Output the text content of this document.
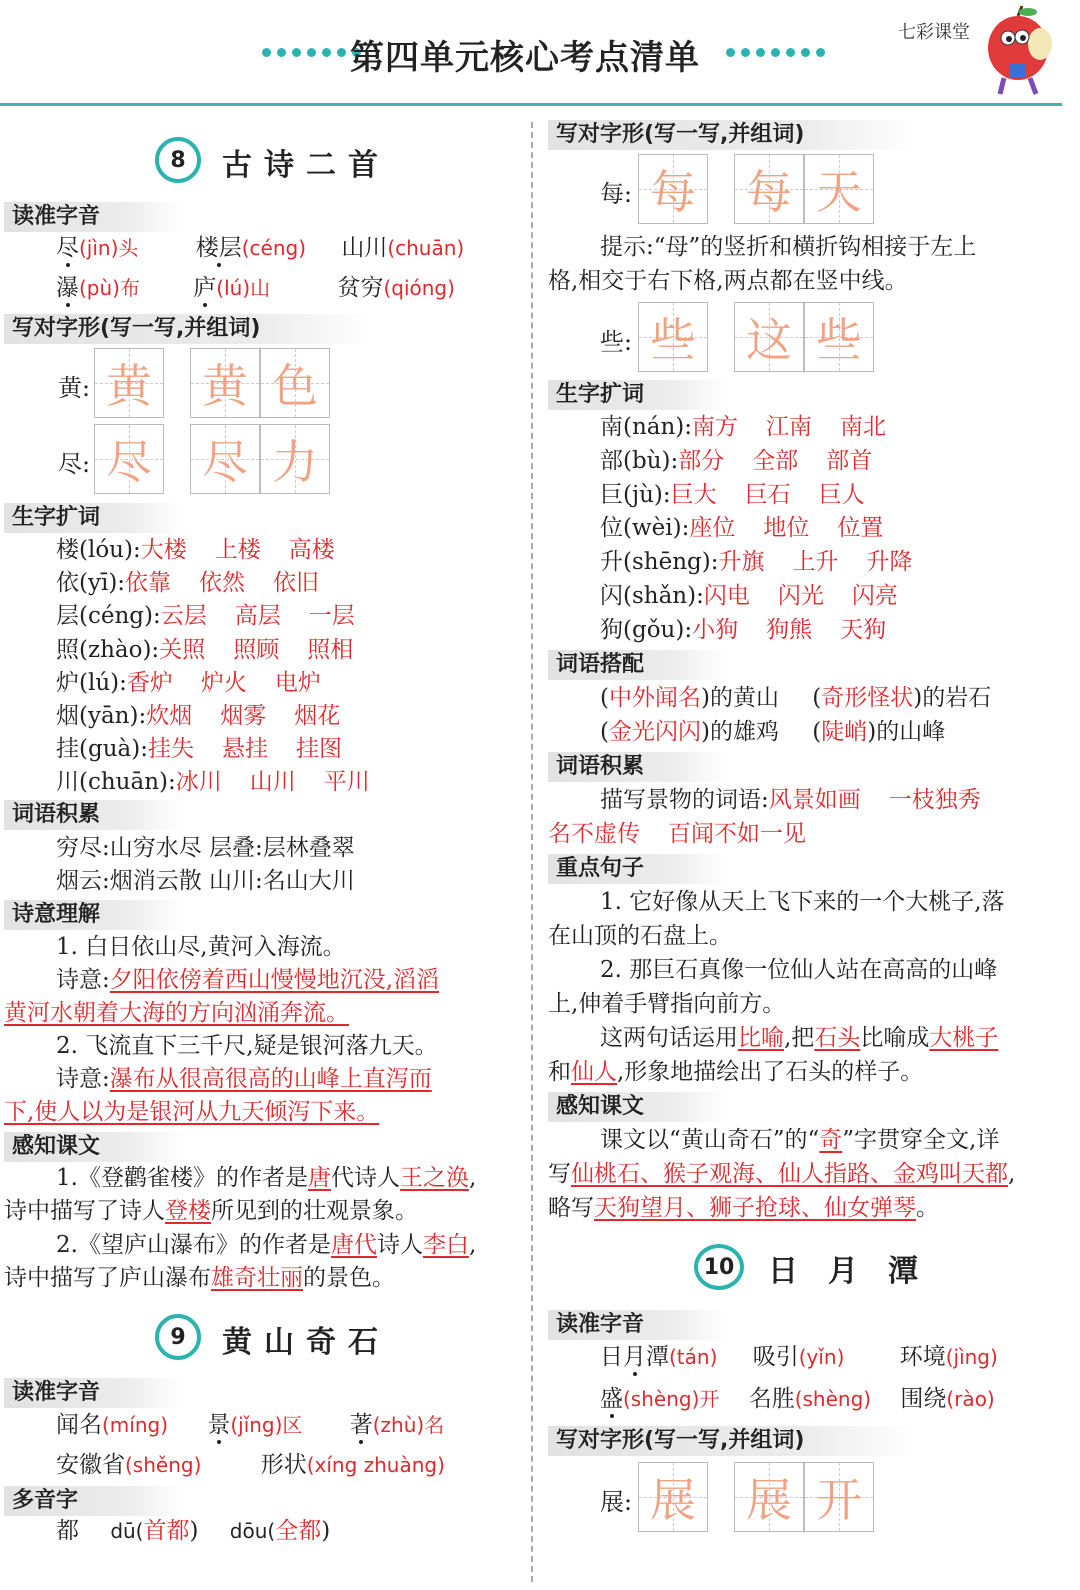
第四单元核心考点清单
七彩课堂
8	古诗二首
读准字音
尽(jìn)头 楼层(céng) 山川(chuān)
瀑(pù)布 庐(lú)山	贫穷(qióng)
写对字形(写一写,并组词)
黄: 黄 黄 色
尽: 尽 尽 力
生字扩词
楼(lóu):大楼 上楼 高楼
依(yī):依靠 依然 依旧
层(céng):云层 高层 一层
照(zhào):关照 照顾 照相
炉(lú):香炉 炉火 电炉
烟(yān):炊烟 烟雾 烟花
挂(guà):挂失 悬挂 挂图
川(chuān):冰川 山川 平川
词语积累
穷尽:山穷水尽 层叠:层林叠翠
烟云:烟消云散 山川:名山大川
诗意理解
1. 白日依山尽,黄河入海流。
诗意:夕阳依傍着西山慢慢地沉没,滔滔
黄河水朝着大海的方向汹涌奔流。
2. 飞流直下三千尺,疑是银河落九天。
诗意:瀑布从很高很高的山峰上直泻而
下,使人以为是银河从九天倾泻下来。
感知课文
1.《登鹳雀楼》的作者是唐代诗人王之涣,
诗中描写了诗人登楼所见到的壮观景象。
2.《望庐山瀑布》的作者是唐代诗人李白,
诗中描写了庐山瀑布雄奇壮丽的景色。
9	黄山奇石
读准字音
闻名(míng) 景(jǐng)区 著(zhù)名
安徽省(shěng)	形状(xíng zhuàng)
多音字
都 dū(首都) dōu(全都)
写对字形(写一写,并组词)
每: 每 每 天
提示:“母”的竖折和横折钩相接于左上
格,相交于右下格,两点都在竖中线。
些: 些 这 些
生字扩词
南(nán):南方 江南 南北
部(bù):部分 全部 部首
巨(jù):巨大 巨石 巨人
位(wèi):座位 地位 位置
升(shēng):升旗 上升 升降
闪(shǎn):闪电 闪光 闪亮
狗(gǒu):小狗 狗熊 天狗
词语搭配
(中外闻名)的黄山 (奇形怪状)的岩石
(金光闪闪)的雄鸡 (陡峭)的山峰
词语积累
描写景物的词语:风景如画 一枝独秀
名不虚传 百闻不如一见
重点句子
1. 它好像从天上飞下来的一个大桃子,落
在山顶的石盘上。
2. 那巨石真像一位仙人站在高高的山峰
上,伸着手臂指向前方。
这两句话运用比喻,把石头比喻成大桃子
和仙人,形象地描绘出了石头的样子。
感知课文
课文以“黄山奇石”的“奇”字贯穿全文,详
写仙桃石、猴子观海、仙人指路、金鸡叫天都,
略写天狗望月、狮子抢球、仙女弹琴。
10	日月潭
读准字音
日月潭(tán) 吸引(yǐn) 环境(jìng)
盛(shèng)开 名胜(shèng) 围绕(rào)
写对字形(写一写,并组词)
展: 展 展 开
